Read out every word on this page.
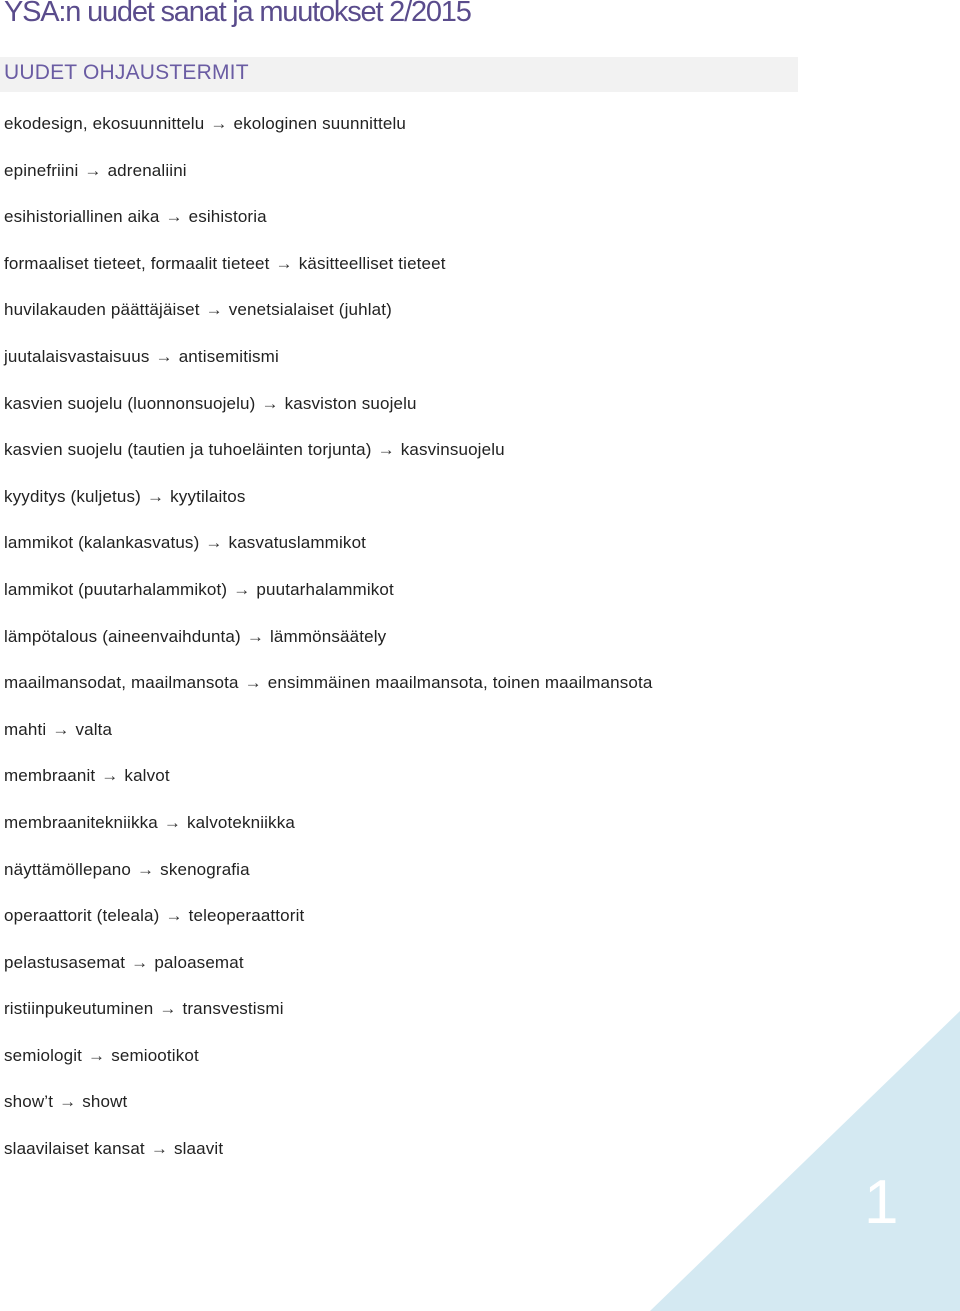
YSA:n uudet sanat ja muutokset 2/2015
UUDET OHJAUSTERMIT
ekodesign, ekosuunnittelu → ekologinen suunnittelu
epinefriini → adrenaliini
esihistoriallinen aika → esihistoria
formaaliset tieteet, formaalit tieteet → käsitteelliset tieteet
huvilakauden päättäjäiset → venetsialaiset (juhlat)
juutalaisvastaisuus → antisemitismi
kasvien suojelu (luonnonsuojelu) → kasviston suojelu
kasvien suojelu (tautien ja tuhoeläinten torjunta) → kasvinsuojelu
kyyditys (kuljetus) → kyytilaitos
lammikot (kalankasvatus) → kasvatuslammikot
lammikot (puutarhalammikot) → puutarhalammikot
lämpötalous (aineenvaihdunta) → lämmönsäätely
maailmansodat, maailmansota → ensimmäinen maailmansota, toinen maailmansota
mahti → valta
membraanit → kalvot
membraanitekniikka → kalvotekniikka
näyttämöllepano → skenografia
operaattorit (teleala) → teleoperaattorit
pelastusasemat → paloasemat
ristiinpukeutuminen → transvestismi
semiologit → semiootikot
show’t → showt
slaavilaiset kansat → slaavit
1
